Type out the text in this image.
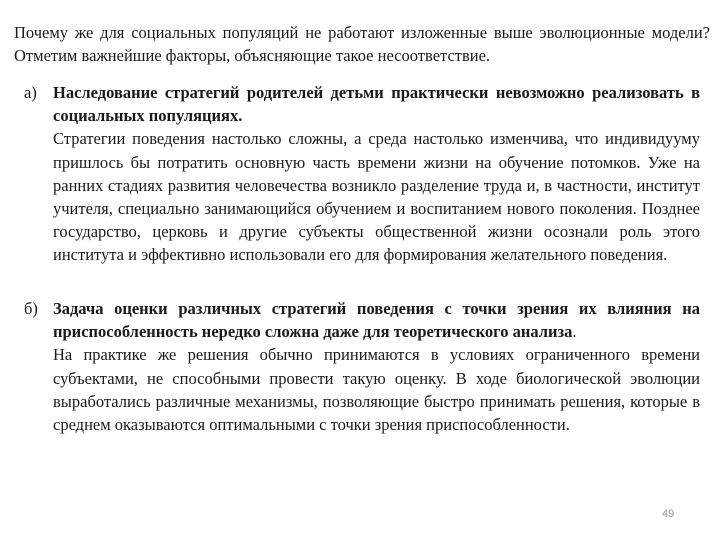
Почему же для социальных популяций не работают изложенные выше эволюционные модели? Отметим важнейшие факторы, объясняющие такое несоответствие.

а) Наследование стратегий родителей детьми практически невозможно реализовать в социальных популяциях.

Стратегии поведения настолько сложны, а среда настолько изменчива, что индивидууму пришлось бы потратить основную часть времени жизни на обучение потомков. Уже на ранних стадиях развития человечества возникло разделение труда и, в частности, институт учителя, специально занимающийся обучением и воспитанием нового поколения. Позднее государство, церковь и другие субъекты общественной жизни осознали роль этого института и эффективно использовали его для формирования желательного поведения.

б) Задача оценки различных стратегий поведения с точки зрения их влияния на приспособленность нередко сложна даже для теоретического анализа.

На практике же решения обычно принимаются в условиях ограниченного времени субъектами, не способными провести такую оценку. В ходе биологической эволюции выработались различные механизмы, позволяющие быстро принимать решения, которые в среднем оказываются оптимальными с точки зрения приспособленности.

49
